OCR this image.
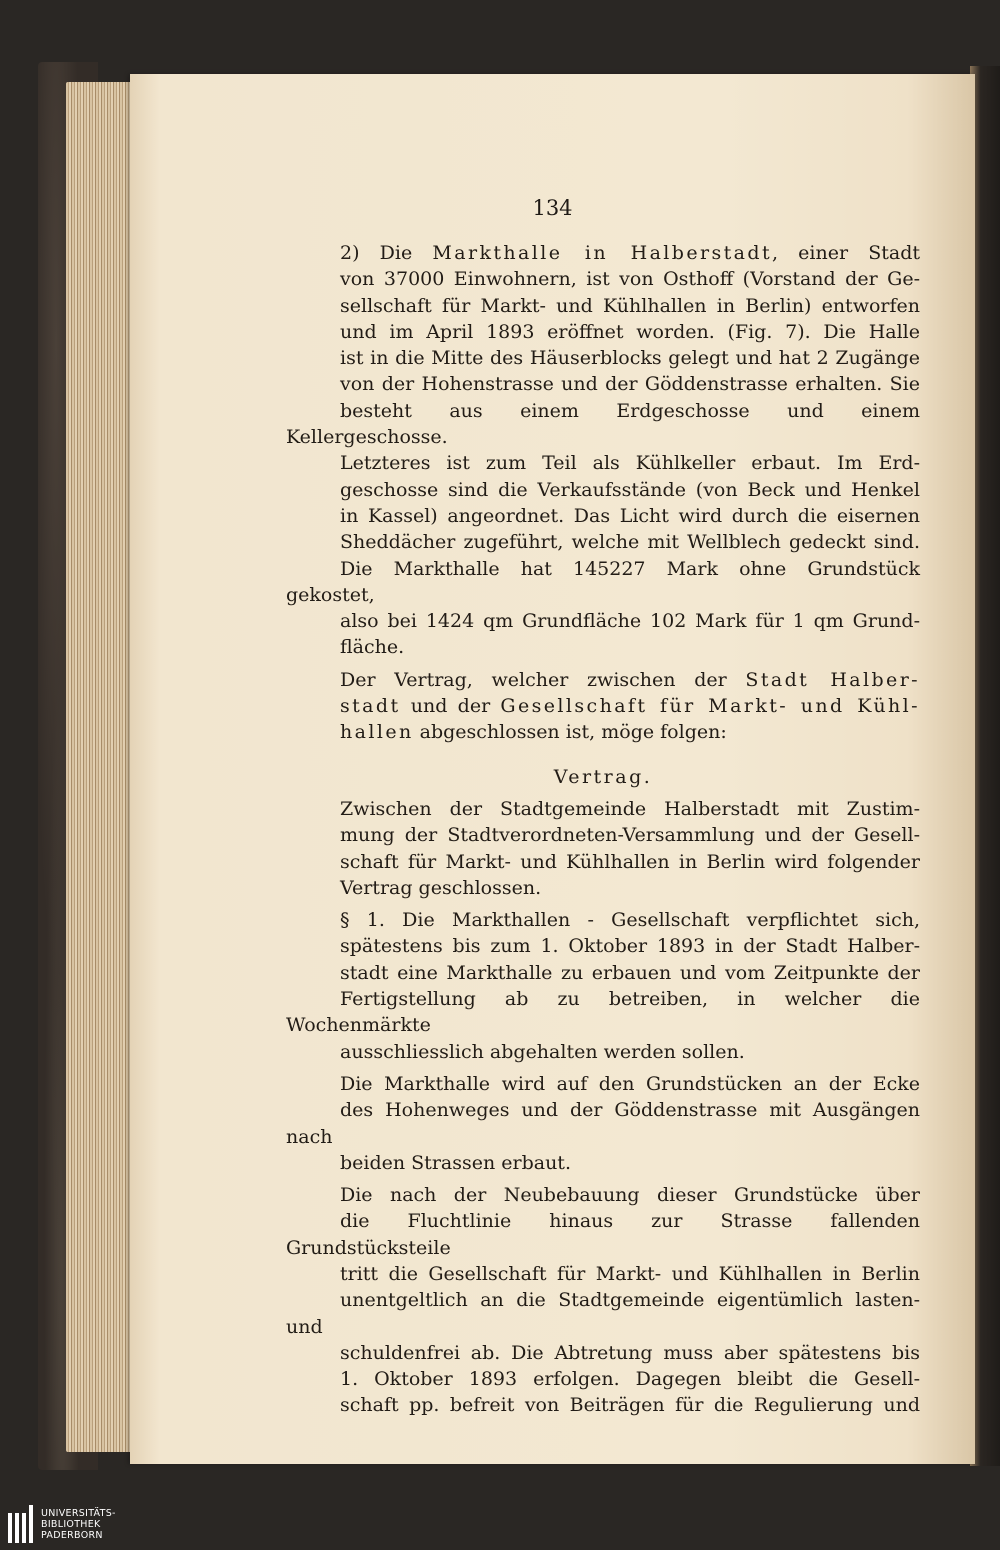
134

2) Die Markthalle in Halberstadt, einer Stadt
von 37000 Einwohnern, ist von Osthoff (Vorstand der Ge-
sellschaft für Markt- und Kühlhallen in Berlin) entworfen
und im April 1893 eröffnet worden. (Fig. 7). Die Halle
ist in die Mitte des Häuserblocks gelegt und hat 2 Zugänge
von der Hohenstrasse und der Göddenstrasse erhalten. Sie
besteht aus einem Erdgeschosse und einem Kellergeschosse.
Letzteres ist zum Teil als Kühlkeller erbaut. Im Erd-
geschosse sind die Verkaufsstände (von Beck und Henkel
in Kassel) angeordnet. Das Licht wird durch die eisernen
Sheddächer zugeführt, welche mit Wellblech gedeckt sind.
Die Markthalle hat 145227 Mark ohne Grundstück gekostet,
also bei 1424 qm Grundfläche 102 Mark für 1 qm Grund-
fläche.

Der Vertrag, welcher zwischen der Stadt Halber-
stadt und der Gesellschaft für Markt- und Kühl-
hallen abgeschlossen ist, möge folgen:

Vertrag.

Zwischen der Stadtgemeinde Halberstadt mit Zustim-
mung der Stadtverordneten-Versammlung und der Gesell-
schaft für Markt- und Kühlhallen in Berlin wird folgender
Vertrag geschlossen.

§ 1. Die Markthallen - Gesellschaft verpflichtet sich,
spätestens bis zum 1. Oktober 1893 in der Stadt Halber-
stadt eine Markthalle zu erbauen und vom Zeitpunkte der
Fertigstellung ab zu betreiben, in welcher die Wochenmärkte
ausschliesslich abgehalten werden sollen.

Die Markthalle wird auf den Grundstücken an der Ecke
des Hohenweges und der Göddenstrasse mit Ausgängen nach
beiden Strassen erbaut.

Die nach der Neubebauung dieser Grundstücke über
die Fluchtlinie hinaus zur Strasse fallenden Grundstücksteile
tritt die Gesellschaft für Markt- und Kühlhallen in Berlin
unentgeltlich an die Stadtgemeinde eigentümlich lasten- und
schuldenfrei ab. Die Abtretung muss aber spätestens bis
1. Oktober 1893 erfolgen. Dagegen bleibt die Gesell-
schaft pp. befreit von Beiträgen für die Regulierung und

UNIVERSITÄTS-
BIBLIOTHEK
PADERBORN
